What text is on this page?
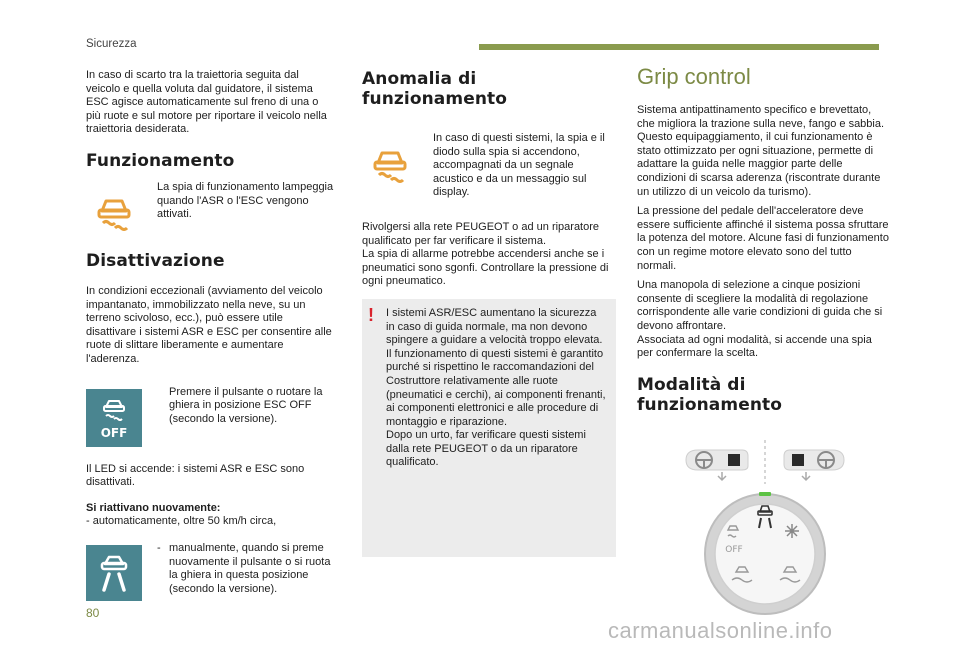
Sicurezza

In caso di scarto tra la traiettoria seguita dal veicolo e quella voluta dal guidatore, il sistema ESC agisce automaticamente sul freno di una o più ruote e sul motore per riportare il veicolo nella traiettoria desiderata.

Funzionamento

La spia di funzionamento lampeggia quando l'ASR o l'ESC vengono attivati.

Disattivazione

In condizioni eccezionali (avviamento del veicolo impantanato, immobilizzato nella neve, su un terreno scivoloso, ecc.), può essere utile disattivare i sistemi ASR e ESC per consentire alle ruote di slittare liberamente e aumentare l'aderenza.

OFF

Premere il pulsante o ruotare la ghiera in posizione ESC OFF (secondo la versione).

Il LED si accende: i sistemi ASR e ESC sono disattivati.

Si riattivano nuovamente:

- automaticamente, oltre 50 km/h circa,

- manualmente, quando si preme nuovamente il pulsante o si ruota la ghiera in questa posizione (secondo la versione).

Anomalia di funzionamento

In caso di questi sistemi, la spia e il diodo sulla spia si accendono, accompagnati da un segnale acustico e da un messaggio sul display.

Rivolgersi alla rete PEUGEOT o ad un riparatore qualificato per far verificare il sistema.

La spia di allarme potrebbe accendersi anche se i pneumatici sono sgonfi. Controllare la pressione di ogni pneumatico.

!	I sistemi ASR/ESC aumentano la sicurezza in caso di guida normale, ma non devono spingere a guidare a velocità troppo elevata.

Il funzionamento di questi sistemi è garantito purché si rispettino le raccomandazioni del Costruttore relativamente alle ruote (pneumatici e cerchi), ai componenti frenanti, ai componenti elettronici e alle procedure di montaggio e riparazione.

Dopo un urto, far verificare questi sistemi dalla rete PEUGEOT o da un riparatore qualificato.

Grip control

Sistema antipattinamento specifico e brevettato, che migliora la trazione sulla neve, fango e sabbia.

Questo equipaggiamento, il cui funzionamento è stato ottimizzato per ogni situazione, permette di adattare la guida nelle maggior parte delle condizioni di scarsa aderenza (riscontrate durante un utilizzo di un veicolo da turismo).

La pressione del pedale dell'acceleratore deve essere sufficiente affinché il sistema possa sfruttare la potenza del motore. Alcune fasi di funzionamento con un regime motore elevato sono del tutto normali.

Una manopola di selezione a cinque posizioni consente di scegliere la modalità di regolazione corrispondente alle varie condizioni di guida che si devono affrontare.

Associata ad ogni modalità, si accende una spia per confermare la scelta.

Modalità di funzionamento
OFF
80
carmanualsonline.info
